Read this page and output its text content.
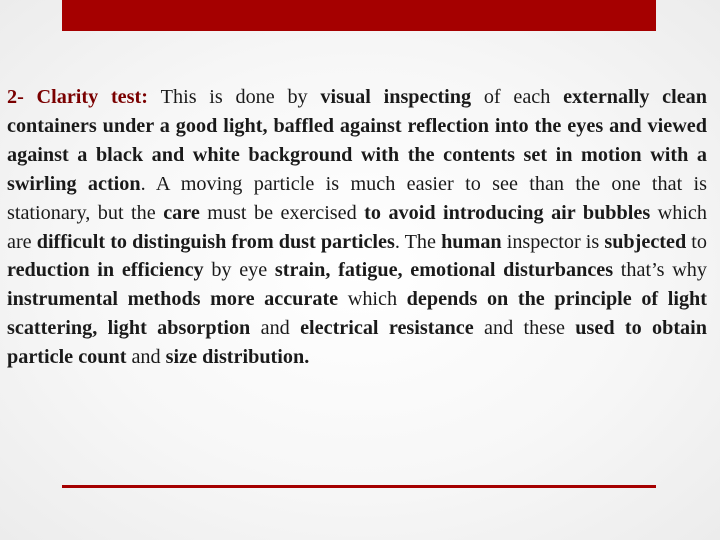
2- Clarity test: This is done by visual inspecting of each externally clean containers under a good light, baffled against reflection into the eyes and viewed against a black and white background with the contents set in motion with a swirling action. A moving particle is much easier to see than the one that is stationary, but the care must be exercised to avoid introducing air bubbles which are difficult to distinguish from dust particles. The human inspector is subjected to reduction in efficiency by eye strain, fatigue, emotional disturbances that’s why instrumental methods more accurate which depends on the principle of light scattering, light absorption and electrical resistance and these used to obtain particle count and size distribution.
